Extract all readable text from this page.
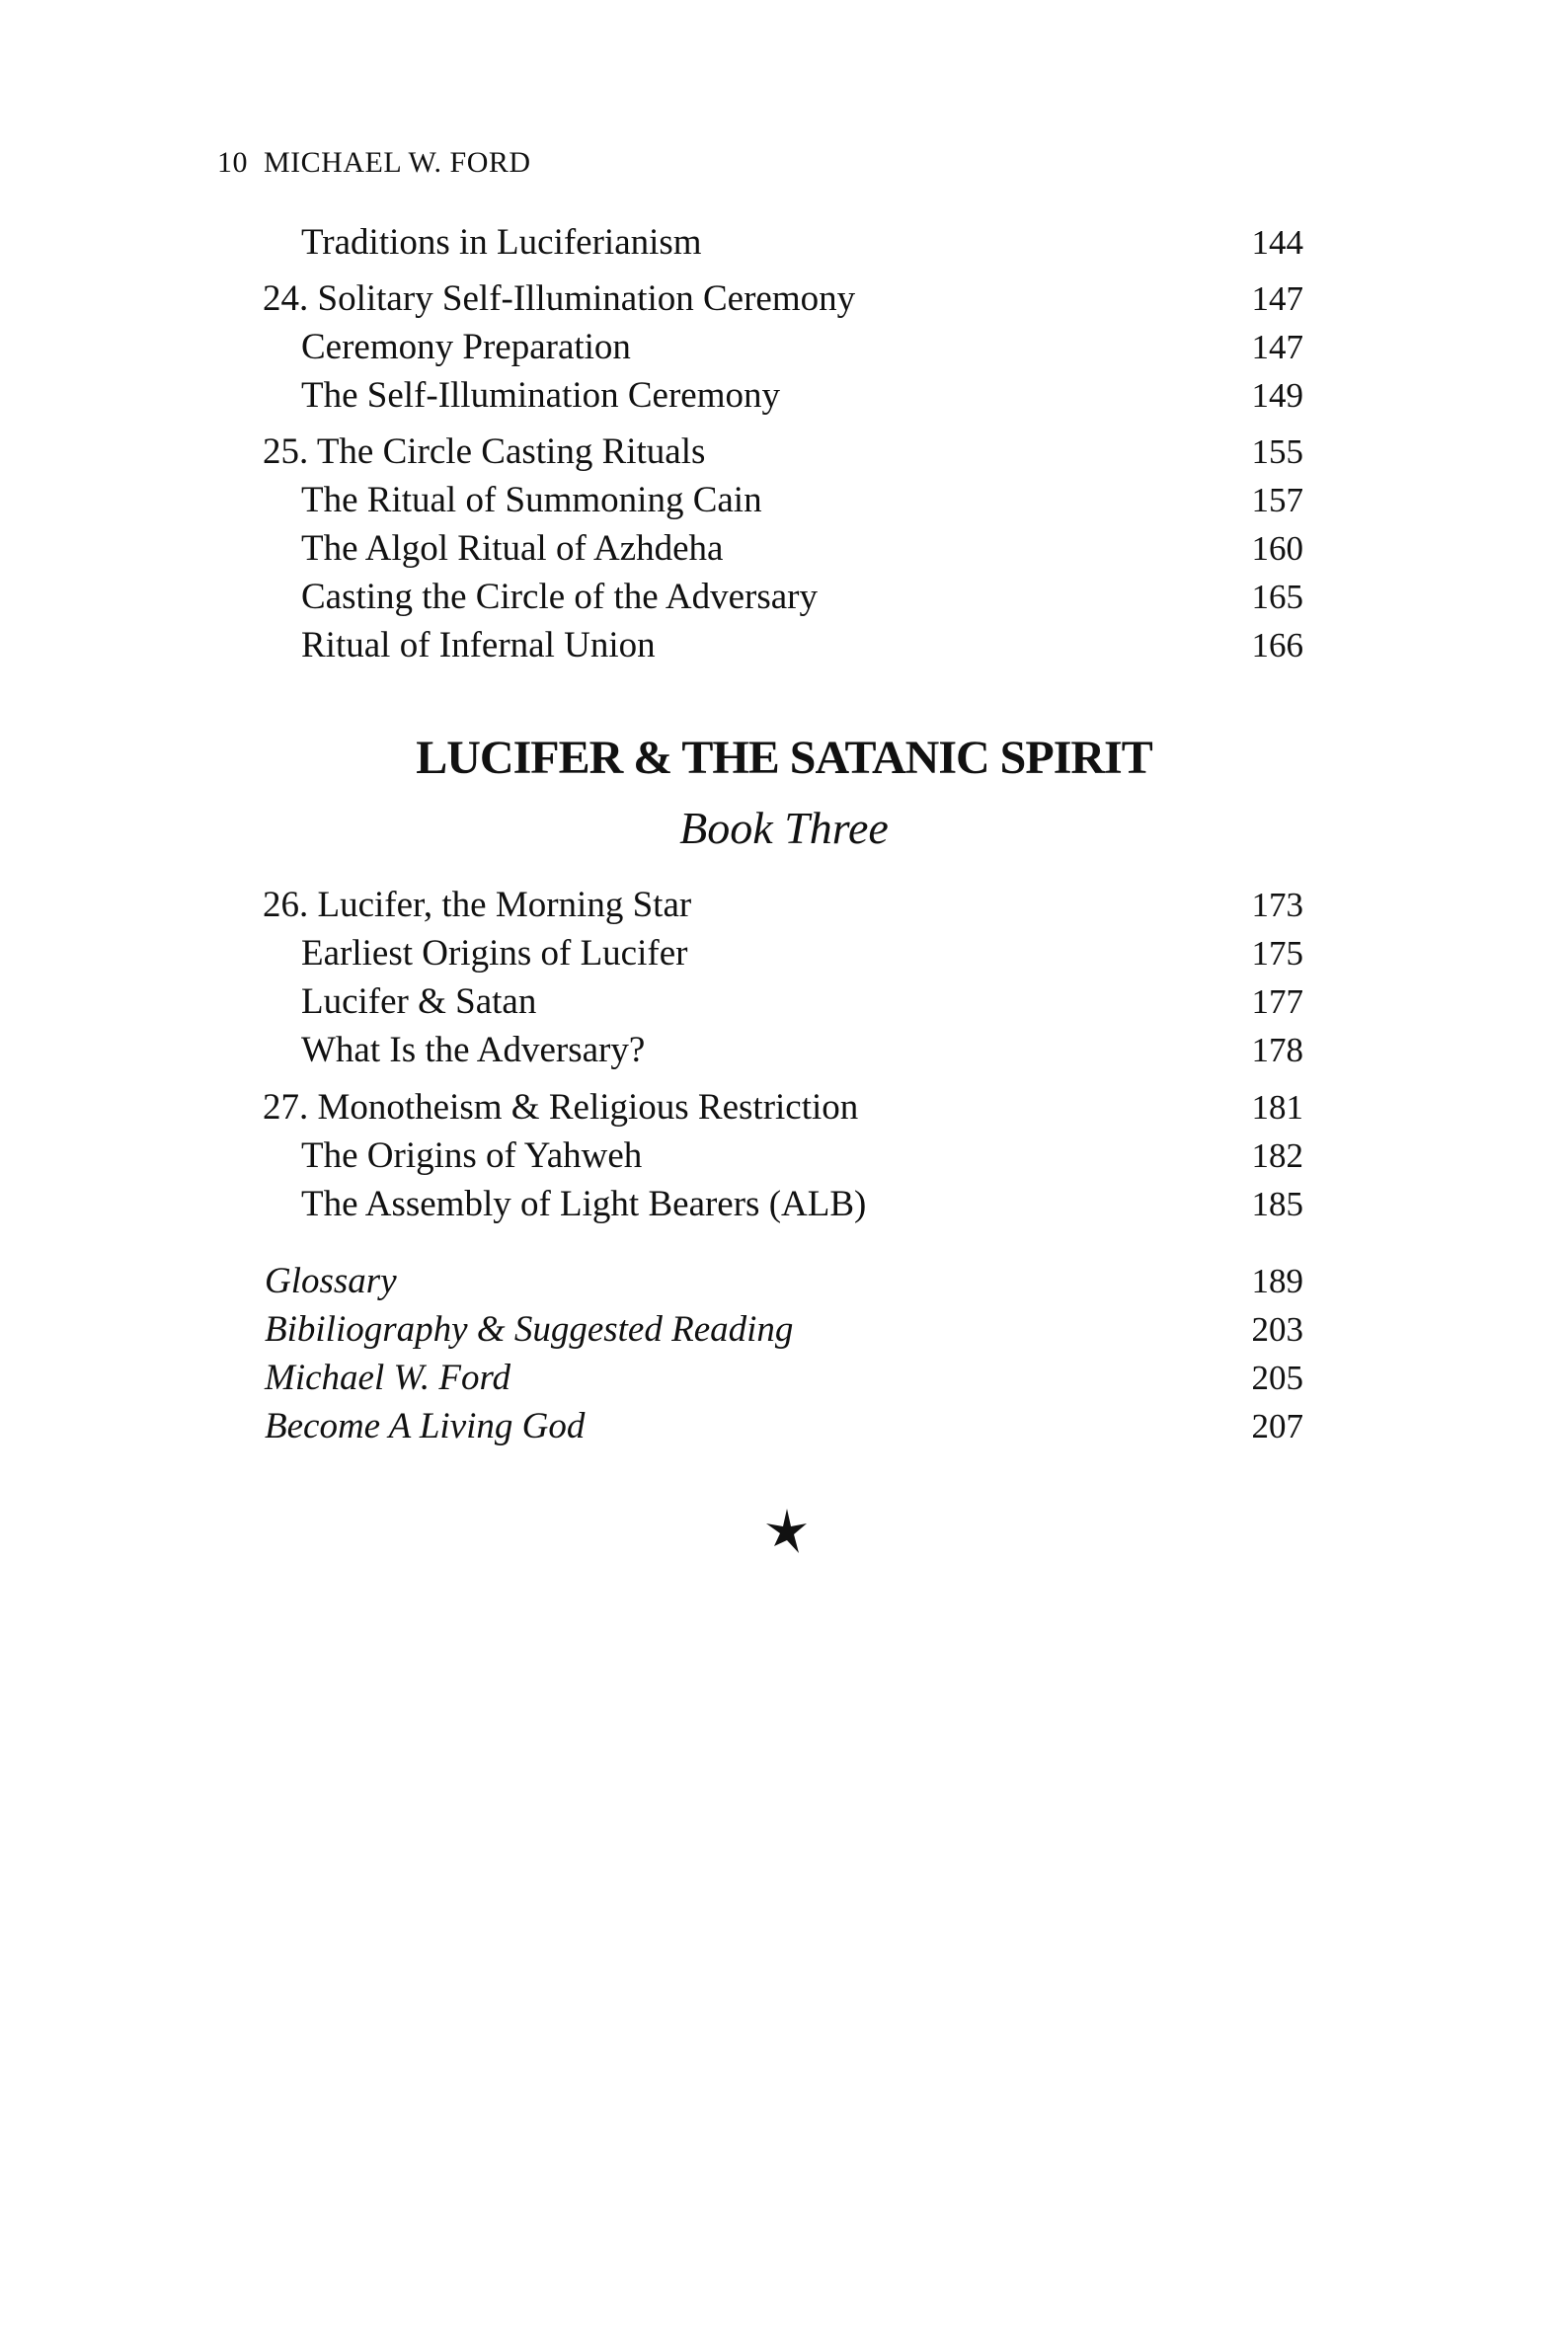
10 MICHAEL W. FORD
Traditions in Luciferianism	144
24. Solitary Self-Illumination Ceremony	147
Ceremony Preparation	147
The Self-Illumination Ceremony	149
25. The Circle Casting Rituals	155
The Ritual of Summoning Cain	157
The Algol Ritual of Azhdeha	160
Casting the Circle of the Adversary	165
Ritual of Infernal Union	166
LUCIFER & THE SATANIC SPIRIT
Book Three
26. Lucifer, the Morning Star	173
Earliest Origins of Lucifer	175
Lucifer & Satan	177
What Is the Adversary?	178
27. Monotheism & Religious Restriction	181
The Origins of Yahweh	182
The Assembly of Light Bearers (ALB)	185
Glossary	189
Bibiliography & Suggested Reading	203
Michael W. Ford	205
Become A Living God	207
